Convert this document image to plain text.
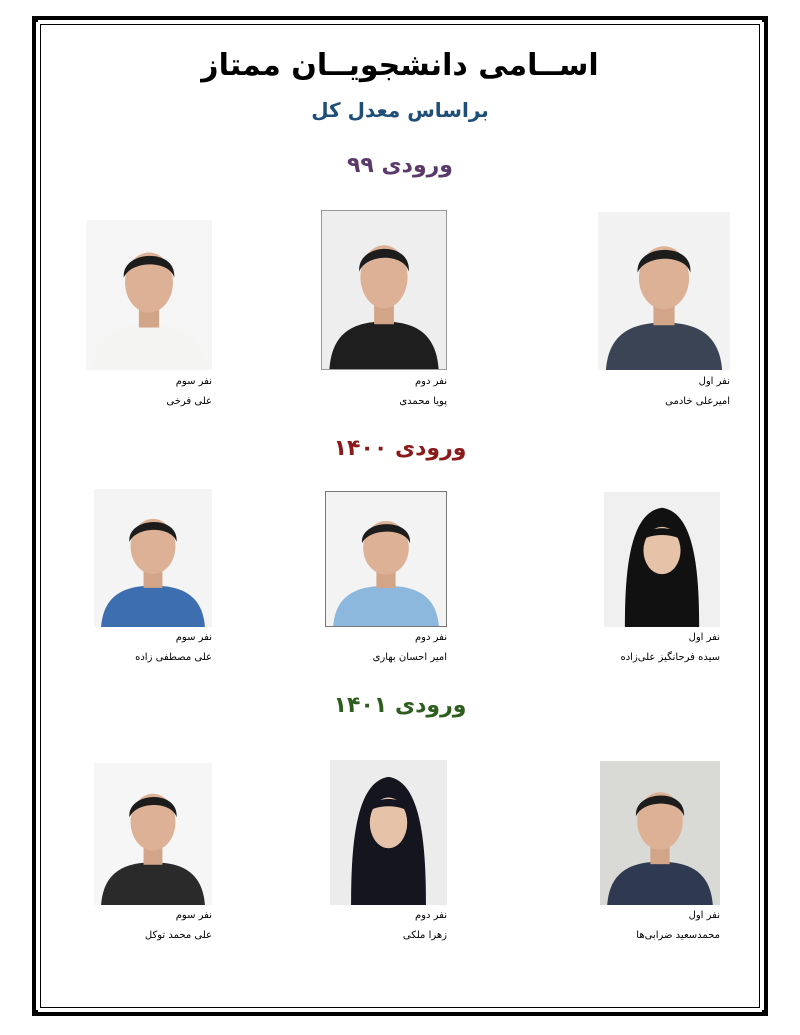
اســامی دانشجویــان ممتاز
براساس معدل کل
ورودی ۹۹
ورودی ۱۴۰۰
ورودی ۱۴۰۱
نفر اول
امیرعلی خادمی
نفر دوم
پویا محمدی
نفر سوم
علی فرخی
نفر اول
سیده فرحانگیز علی‌زاده
نفر دوم
امیر احسان بهاری
نفر سوم
علی مصطفی زاده
نفر اول
محمدسعید ضرابی‌ها
نفر دوم
زهرا ملکی
نفر سوم
علی محمد توکل
